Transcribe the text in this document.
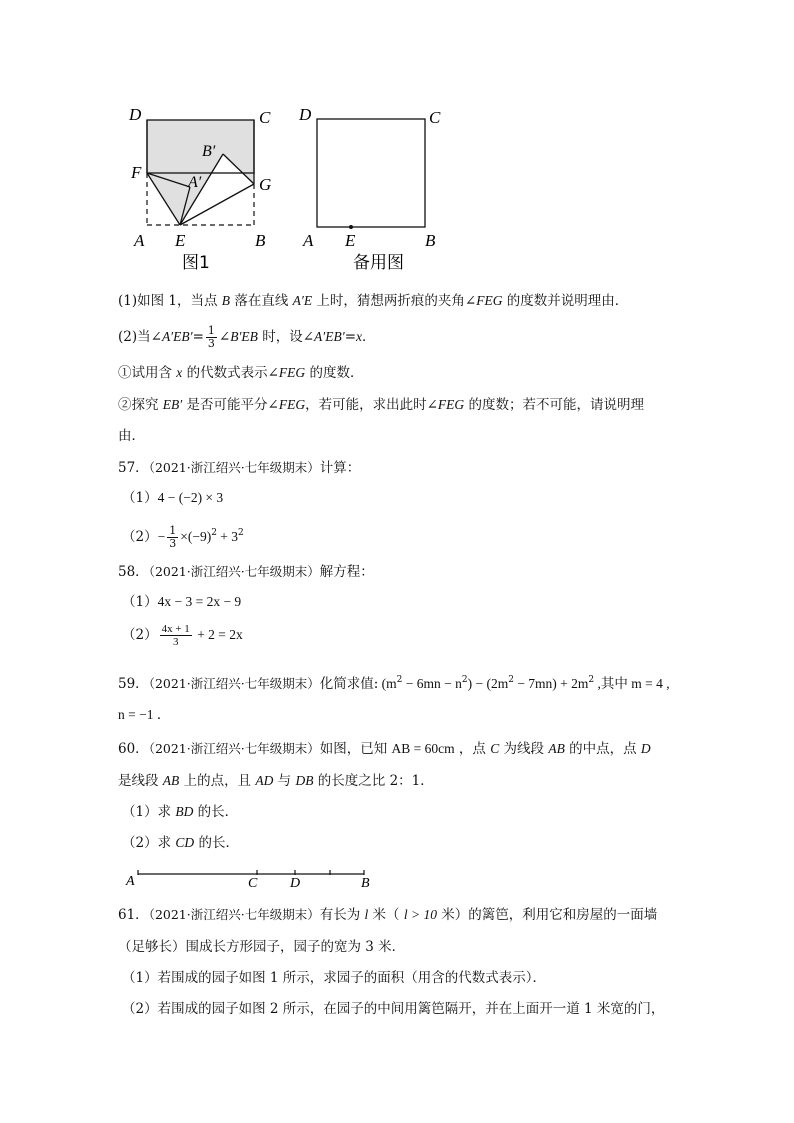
D	C
B′
A′
F
G
A E	B
图1
D	C
A E	B
备用图
(1)如图 1，当点 B 落在直线 A′E 上时，猜想两折痕的夹角∠FEG 的度数并说明理由．
(2)当∠A′EB′= $\frac{1}{3}$ ∠B′EB 时，设∠A′EB′=x．
①试用含 x 的代数式表示∠FEG 的度数．
②探究 EB′ 是否可能平分∠FEG，若可能，求出此时∠FEG 的度数；若不可能，请说明理
由．
57．（2021·浙江绍兴·七年级期末）计算：
（1）4 − (−2) × 3
$(2)- \frac{1}{3} \times(-9)^2 + 3^2$
58．（2021·浙江绍兴·七年级期末）解方程：
（1）4x − 3 = 2x − 9
$(2) \frac{4x + 1}{3} + 2 = 2x$
59．（2021·浙江绍兴·七年级期末）化简求值: $(m^2 - 6mn - n^2) - (2m^2 - 7mn) + 2m^2$ ,其中 m = 4 ,
n = −1 ．
60．（2021·浙江绍兴·七年级期末）如图，已知 AB = 60cm ，点 C 为线段 AB 的中点，点 D
是线段 AB 上的点，且 AD 与 DB 的长度之比 2：1．
（1）求 BD 的长．
（2）求 CD 的长．
A	C D	B
61．（2021·浙江绍兴·七年级期末）有长为 l 米（ l > 10 米）的篱笆，利用它和房屋的一面墙
（足够长）围成长方形园子，园子的宽为 3 米．
（1）若围成的园子如图 1 所示，求园子的面积（用含的代数式表示）．
（2）若围成的园子如图 2 所示，在园子的中间用篱笆隔开，并在上面开一道 1 米宽的门，
